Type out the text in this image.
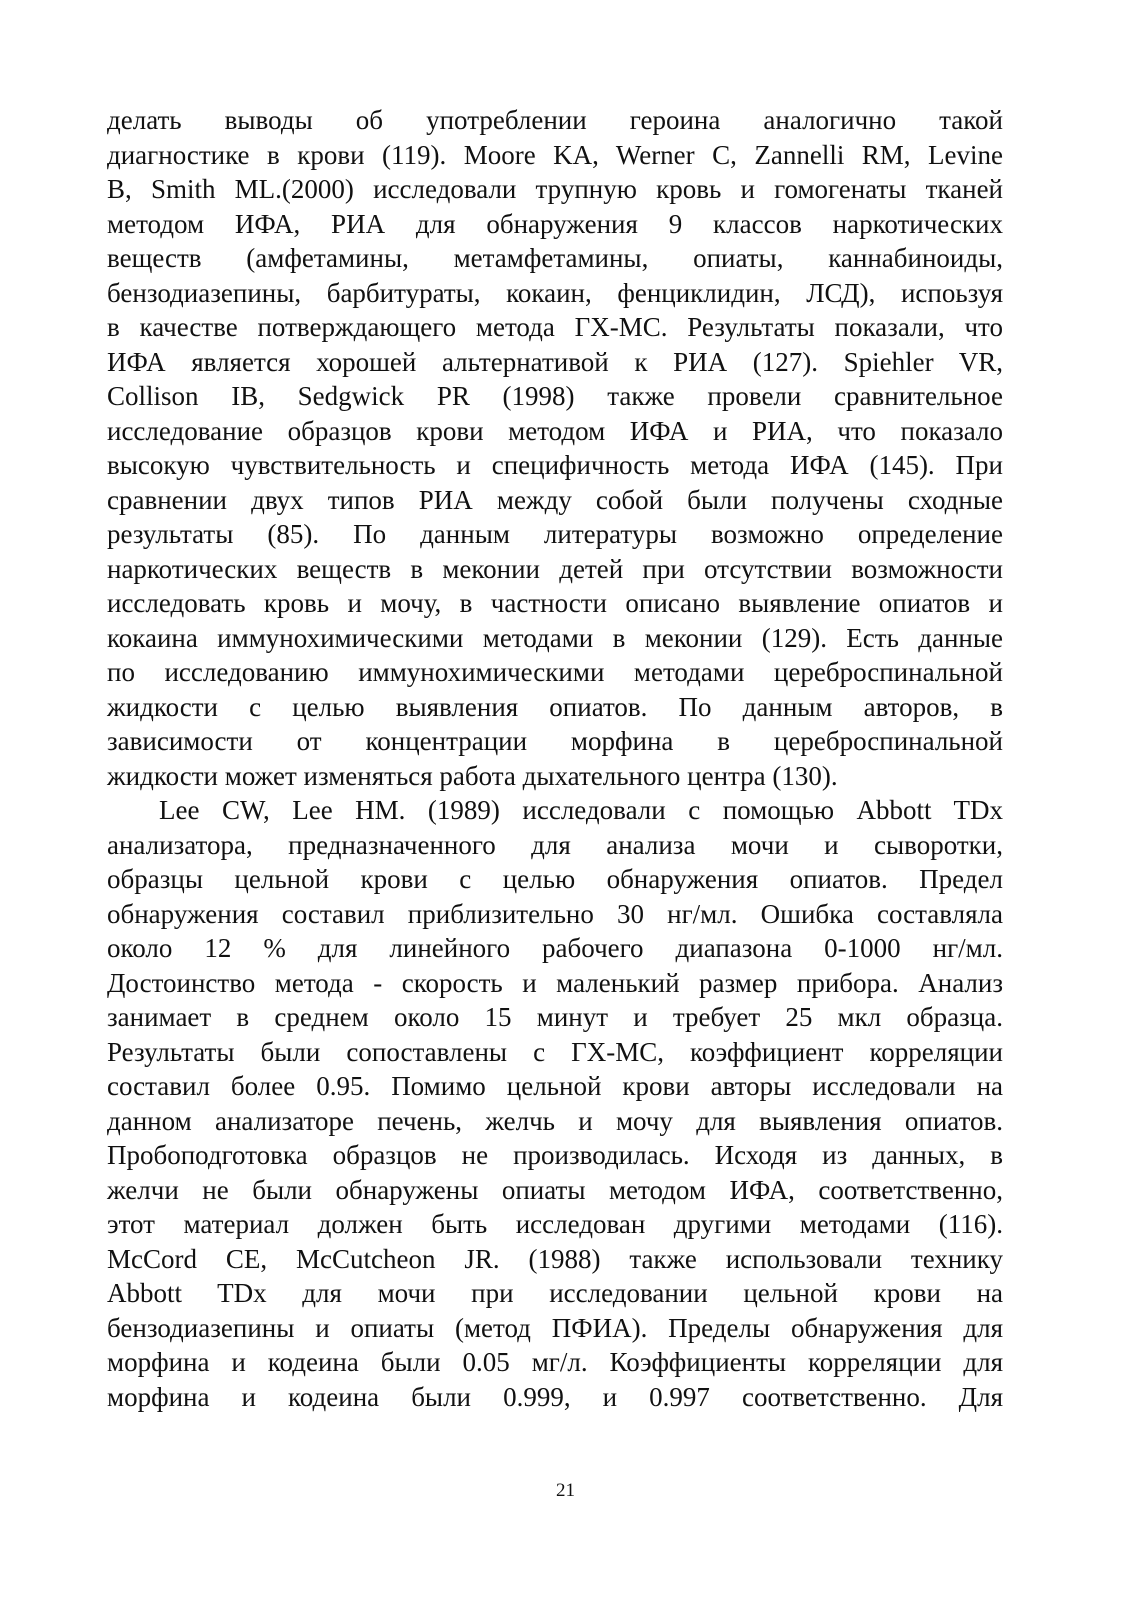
делать выводы об употреблении героина аналогично такой
диагностике в крови (119). Moore KA, Werner C, Zannelli RM, Levine
B, Smith ML.(2000) исследовали трупную кровь и гомогенаты тканей
методом ИФА, РИА для обнаружения 9 классов наркотических
веществ (амфетамины, метамфетамины, опиаты, каннабиноиды,
бензодиазепины, барбитураты, кокаин, фенциклидин, ЛСД), испоьзуя
в качестве потверждающего метода ГХ-МС. Результаты показали, что
ИФА является хорошей альтернативой к РИА (127). Spiehler VR,
Collison IB, Sedgwick PR (1998) также провели сравнительное
исследование образцов крови методом ИФА и РИА, что показало
высокую чувствительность и специфичность метода ИФА (145). При
сравнении двух типов РИА между собой были получены сходные
результаты (85). По данным литературы возможно определение
наркотических веществ в меконии детей при отсутствии возможности
исследовать кровь и мочу, в частности описано выявление опиатов и
кокаина иммунохимическими методами в меконии (129). Есть данные
по исследованию иммунохимическими методами цереброспинальной
жидкости с целью выявления опиатов. По данным авторов, в
зависимости от концентрации морфина в цереброспинальной
жидкости может изменяться работа дыхательного центра (130).
Lee CW, Lee HM. (1989) исследовали с помощью Abbott TDx
анализатора, предназначенного для анализа мочи и сыворотки,
образцы цельной крови с целью обнаружения опиатов. Предел
обнаружения составил приблизительно 30 нг/мл. Ошибка составляла
около 12 % для линейного рабочего диапазона 0-1000 нг/мл.
Достоинство метода - скорость и маленький размер прибора. Анализ
занимает в среднем около 15 минут и требует 25 мкл образца.
Результаты были сопоставлены с ГХ-МС, коэффициент корреляции
составил более 0.95. Помимо цельной крови авторы исследовали на
данном анализаторе печень, желчь и мочу для выявления опиатов.
Пробоподготовка образцов не производилась. Исходя из данных, в
желчи не были обнаружены опиаты методом ИФА, соответственно,
этот материал должен быть исследован другими методами (116).
McCord CE, McCutcheon JR. (1988) также использовали технику
Abbott TDx для мочи при исследовании цельной крови на
бензодиазепины и опиаты (метод ПФИА). Пределы обнаружения для
морфина и кодеина были 0.05 мг/л. Коэффициенты корреляции для
морфина и кодеина были 0.999, и 0.997 соответственно. Для
21
